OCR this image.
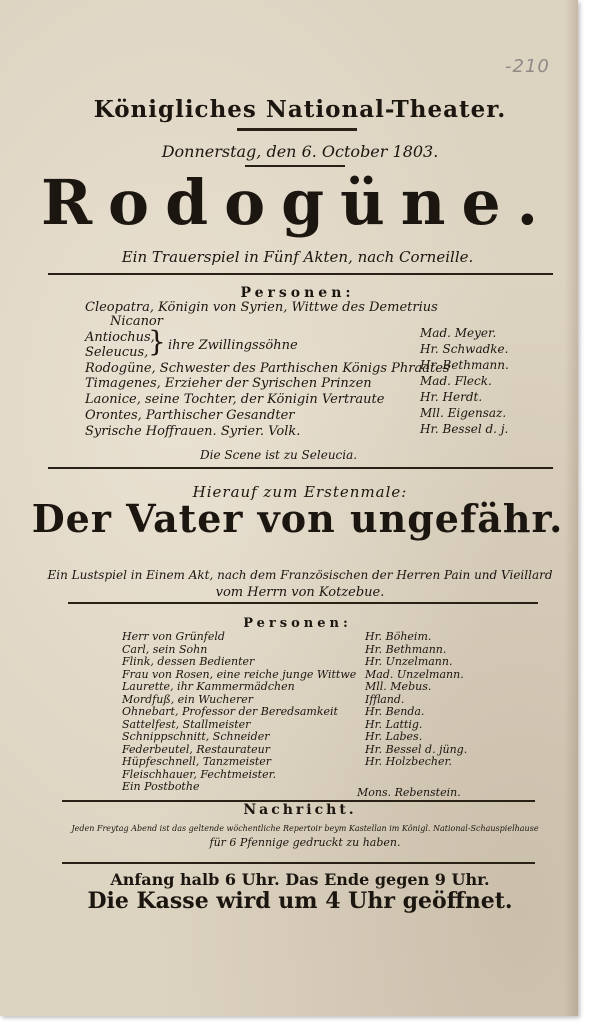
-210
Königliches National-Theater.
Donnerstag, den 6. October 1803.
Rodogüne.
Ein Trauerspiel in Fünf Akten, nach Corneille.
Personen:
Cleopatra, Königin von Syrien, Wittwe des Demetrius
Nicanor
Antiochus,
Seleucus, } ihre Zwillingssöhne
Rodogüne, Schwester des Parthischen Königs Phraates
Timagenes, Erzieher der Syrischen Prinzen
Laonice, seine Tochter, der Königin Vertraute
Orontes, Parthischer Gesandter
Syrische Hoffrauen. Syrier. Volk.
Mad. Meyer.
Hr. Schwadke.
Hr. Bethmann.
Mad. Fleck.
Hr. Herdt.
Mll. Eigensaz.
Hr. Bessel d. j.
Die Scene ist zu Seleucia.
Hierauf zum Erstenmale:
Der Vater von ungefähr.
Ein Lustspiel in Einem Akt, nach dem Französischen der Herren Pain und Vieillard
vom Herrn von Kotzebue.
Personen:
Herr von Grünfeld
Carl, sein Sohn
Flink, dessen Bedienter
Frau von Rosen, eine reiche junge Wittwe
Laurette, ihr Kammermädchen
Mordfuß, ein Wucherer
Ohnebart, Professor der Beredsamkeit
Sattelfest, Stallmeister
Schnippschnitt, Schneider
Federbeutel, Restaurateur
Hüpfeschnell, Tanzmeister
Fleischhauer, Fechtmeister.
Ein Postbothe
Hr. Böheim.
Hr. Bethmann.
Hr. Unzelmann.
Mad. Unzelmann.
Mll. Mebus.
Iffland.
Hr. Benda.
Hr. Lattig.
Hr. Labes.
Hr. Bessel d. jüng.
Hr. Holzbecher.
Mons. Rebenstein.
Nachricht.
Jeden Freytag Abend ist das geltende wöchentliche Repertoir beym Kastellan im Königl. National-Schauspielhause
für 6 Pfennige gedruckt zu haben.
Anfang halb 6 Uhr. Das Ende gegen 9 Uhr.
Die Kasse wird um 4 Uhr geöffnet.
